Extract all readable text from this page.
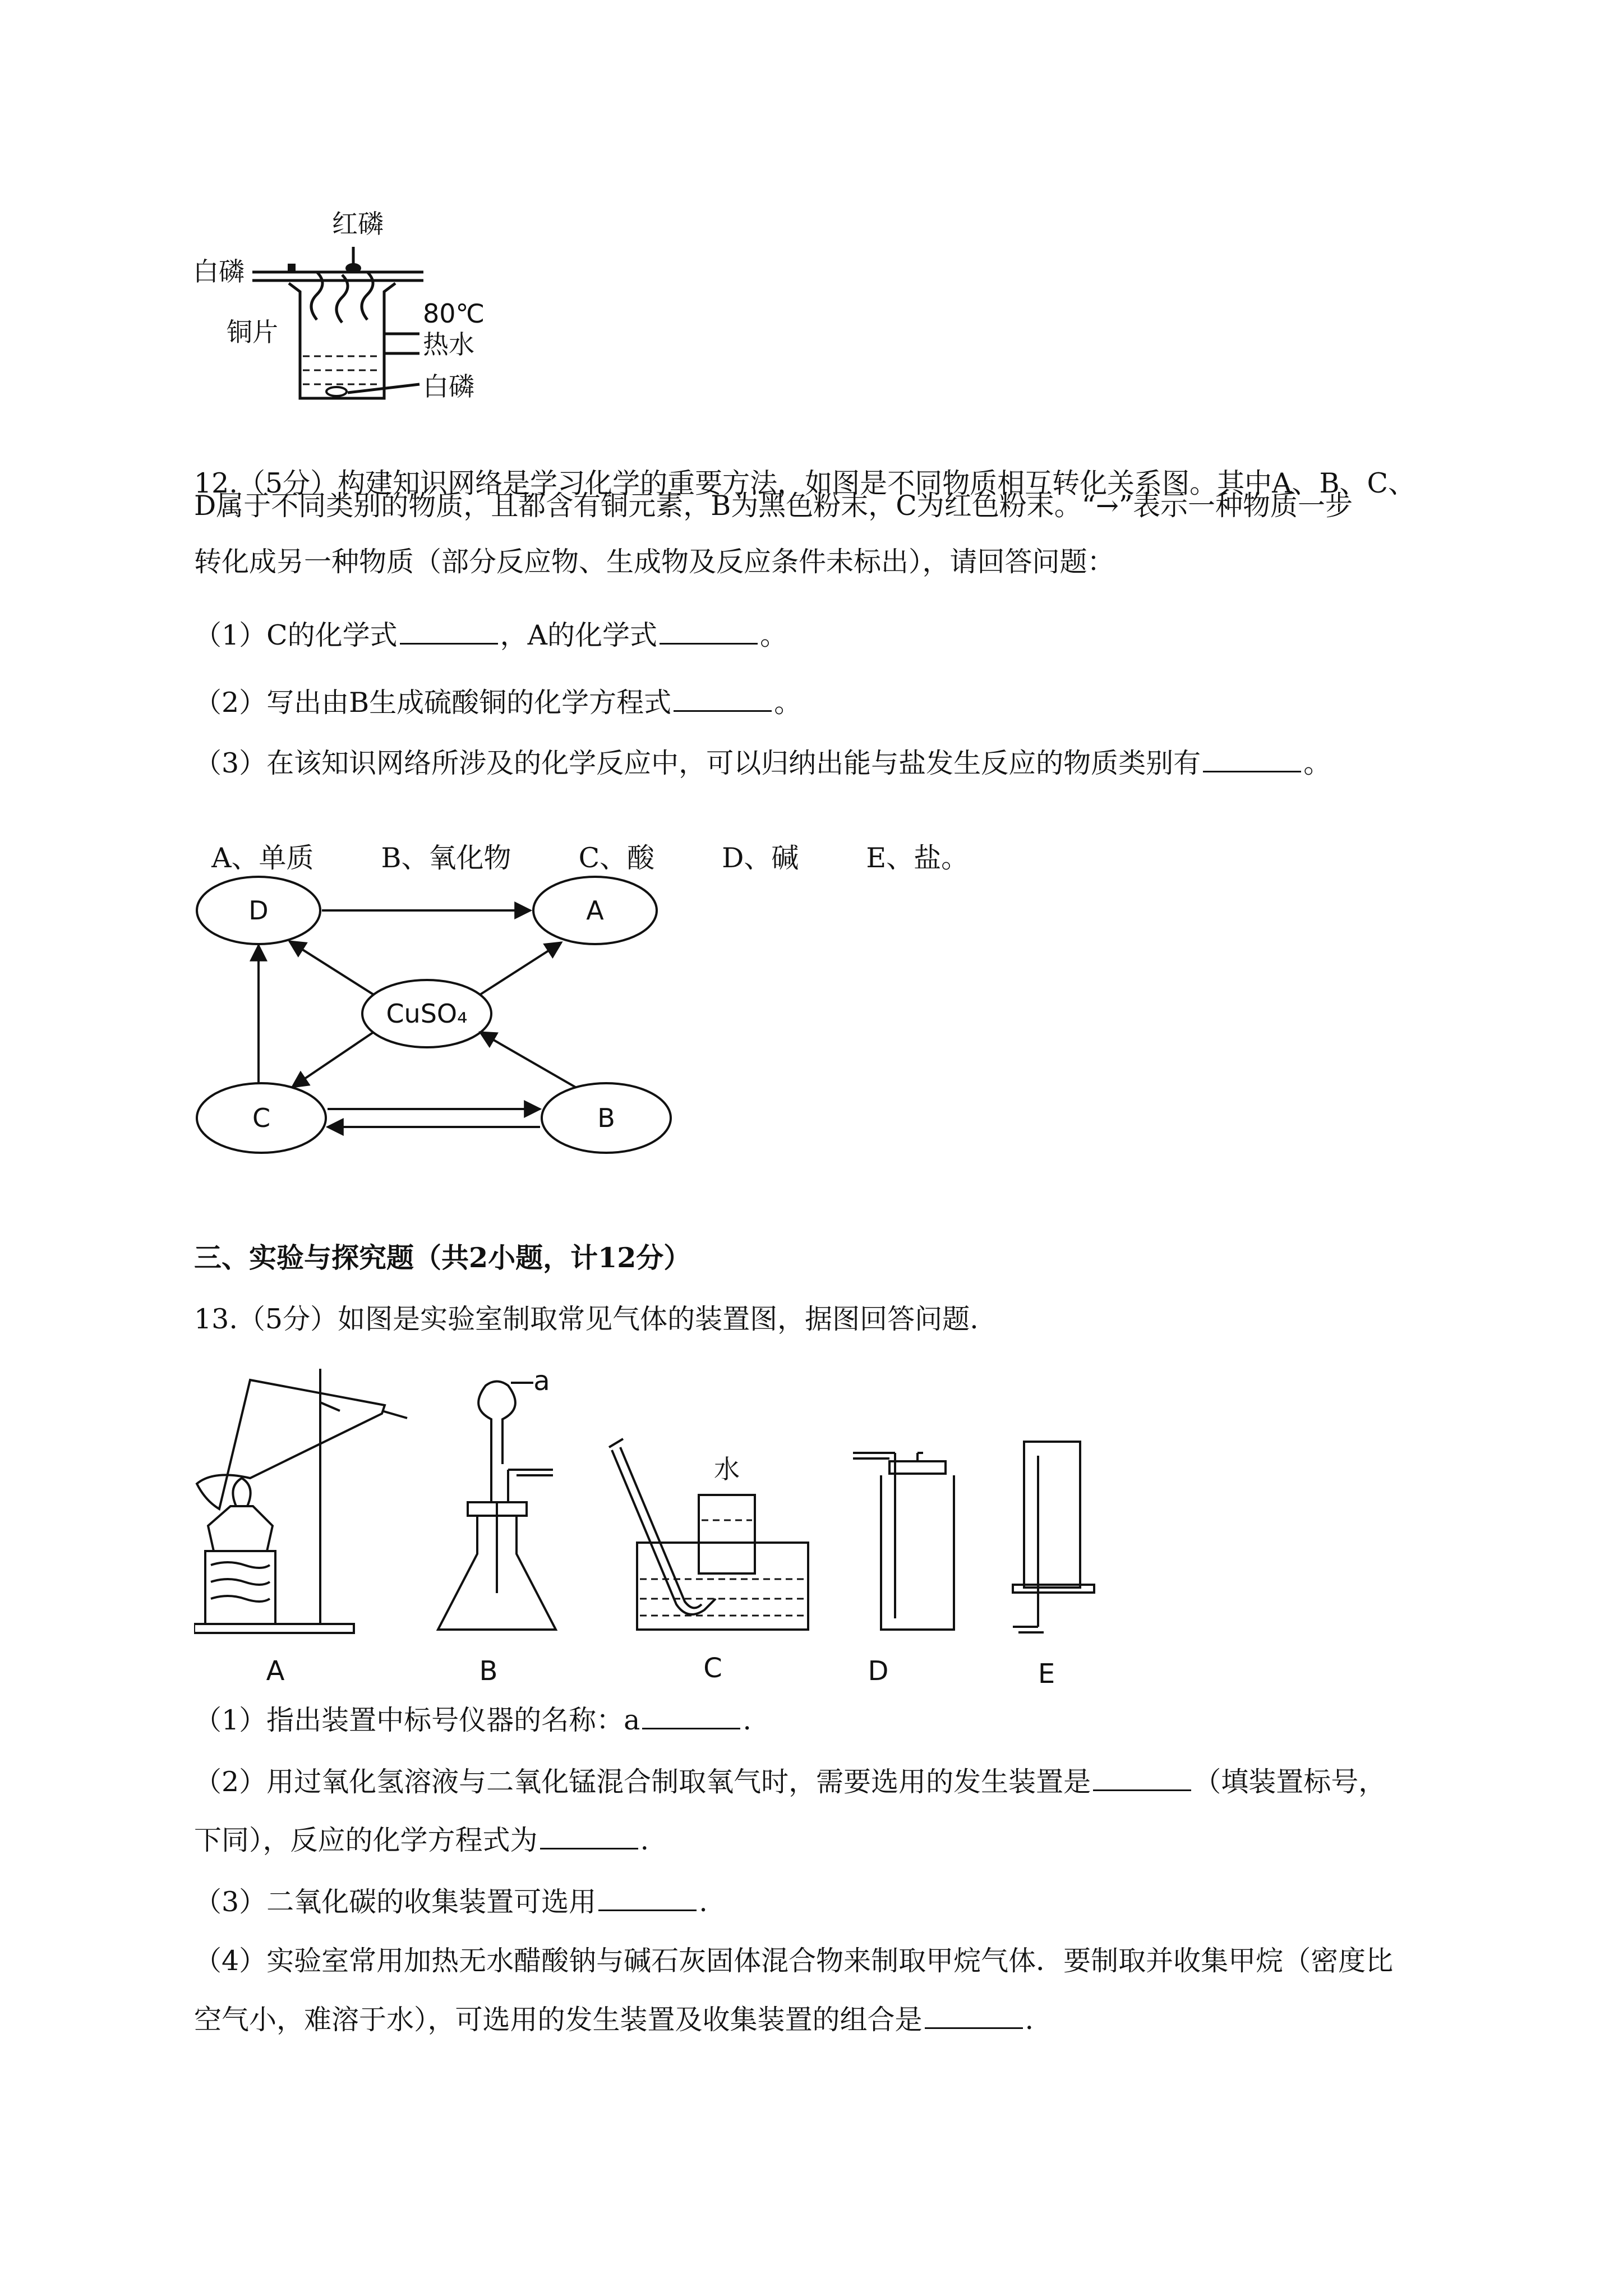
红磷
白磷
铜片
80℃
热水
白磷
12.（5分）构建知识网络是学习化学的重要方法，如图是不同物质相互转化关系图。其中A、B、C、
D属于不同类别的物质，且都含有铜元素，B为黑色粉末，C为红色粉末。“→”表示一种物质一步
转化成另一种物质（部分反应物、生成物及反应条件未标出），请回答问题：
（1）C的化学式	，A的化学式	。
（2）写出由B生成硫酸铜的化学方程式	。
（3）在该知识网络所涉及的化学反应中，可以归纳出能与盐发生反应的物质类别有	。

A、单质 B、氧化物 C、酸 D、碱 E、盐。

D	A
CuSO₄
C	B
三、实验与探究题（共2小题，计12分）
13.（5分）如图是实验室制取常见气体的装置图，据图回答问题.
A	B	C	D	E
a
水
（1）指出装置中标号仪器的名称：a	.
（2）用过氧化氢溶液与二氧化锰混合制取氧气时，需要选用的发生装置是	（填装置标号，
下同），反应的化学方程式为	.
（3）二氧化碳的收集装置可选用	.
（4）实验室常用加热无水醋酸钠与碱石灰固体混合物来制取甲烷气体．要制取并收集甲烷（密度比
空气小，难溶于水），可选用的发生装置及收集装置的组合是	.
